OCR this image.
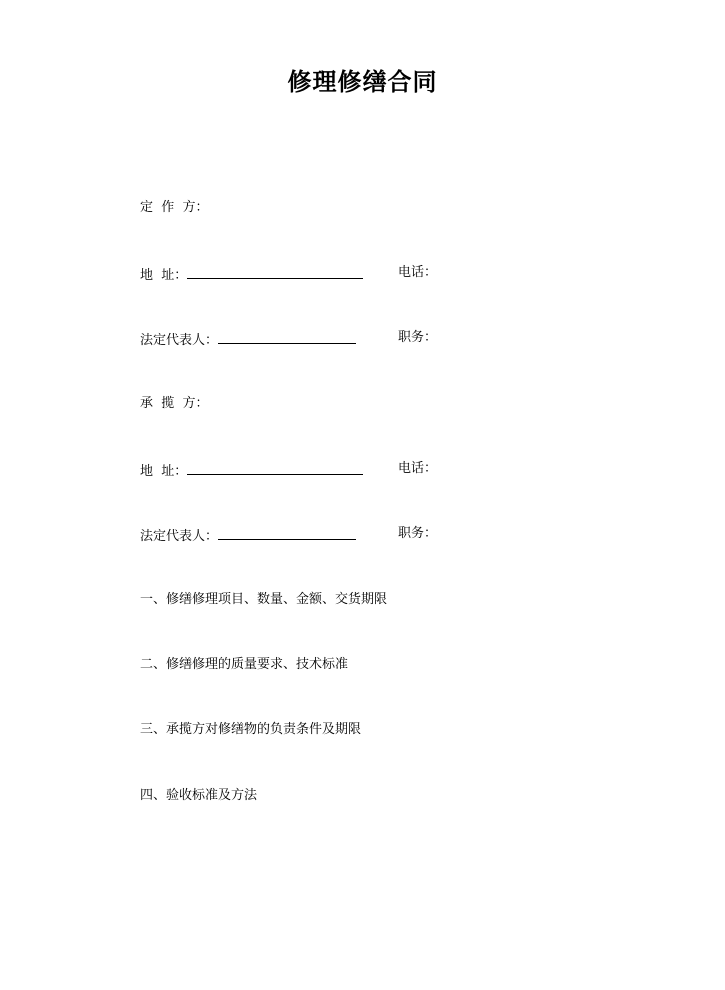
修理修缮合同
定  作  方：
地  址：	电话：
法定代表人：	职务：
承  揽  方：
地  址：	电话：
法定代表人：	职务：
一、修缮修理项目、数量、金额、交货期限
二、修缮修理的质量要求、技术标准
三、承揽方对修缮物的负责条件及期限
四、验收标准及方法
